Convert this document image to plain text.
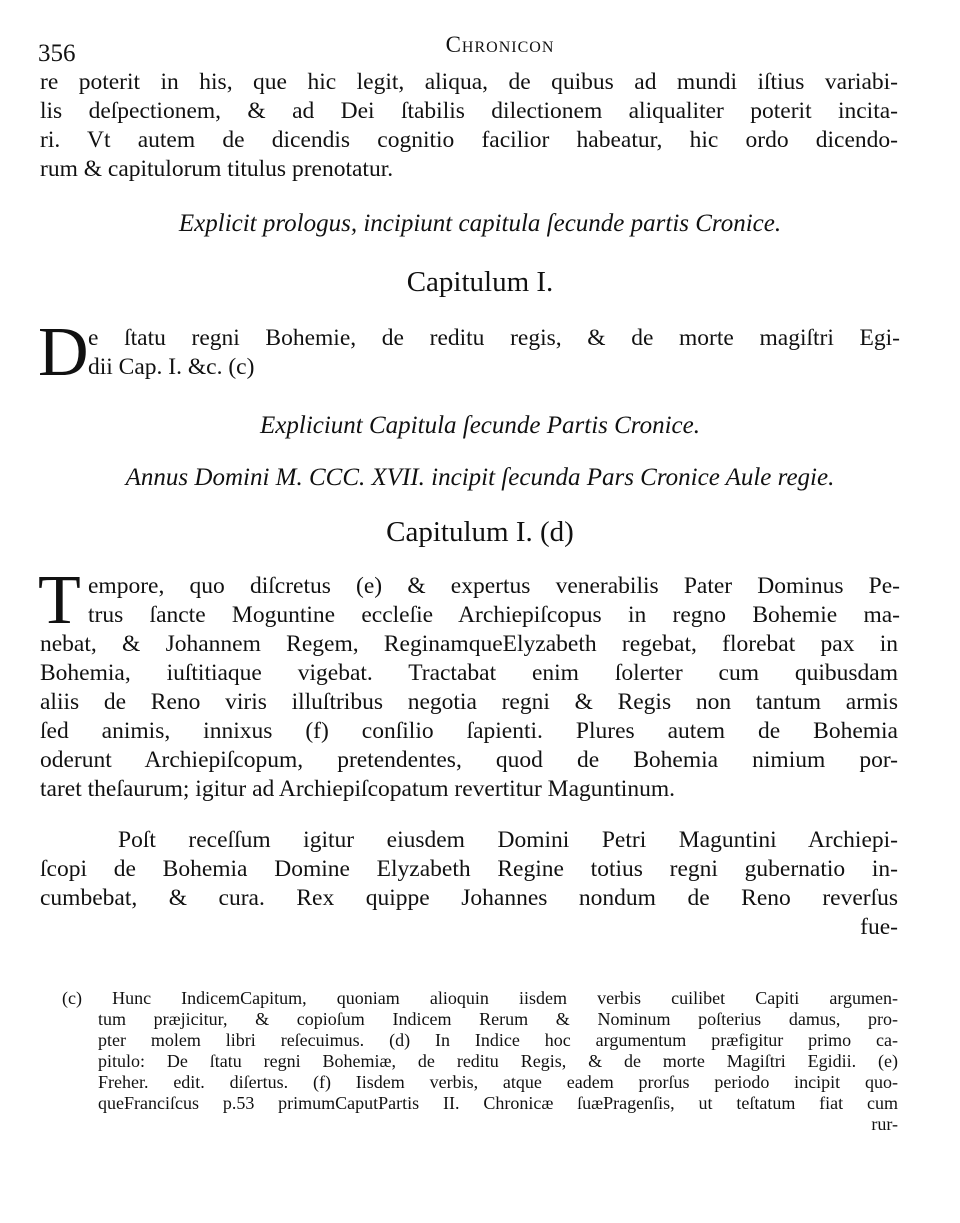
356	Chronicon
re poterit in his, que hic legit, aliqua, de quibus ad mundi iſtius variabi-
lis deſpectionem, & ad Dei ſtabilis dilectionem aliqualiter poterit incita-
ri. Vt autem de dicendis cognitio facilior habeatur, hic ordo dicendo-
rum & capitulorum titulus prenotatur.
Explicit prologus, incipiunt capitula ſecunde partis Cronice.
Capitulum I.
D e ſtatu regni Bohemie, de reditu regis, & de morte magiſtri Egi-
dii Cap. I. &c. (c)
Expliciunt Capitula ſecunde Partis Cronice.
Annus Domini M. CCC. XVII. incipit ſecunda Pars Cronice Aule regie.
Capitulum I. (d)
T empore, quo diſcretus (e) & expertus venerabilis Pater Dominus Pe-
trus ſancte Moguntine eccleſie Archiepiſcopus in regno Bohemie ma-
nebat, & Johannem Regem, ReginamqueElyzabeth regebat, florebat pax in
Bohemia, iuſtitiaque vigebat. Tractabat enim ſolerter cum quibusdam
aliis de Reno viris illuſtribus negotia regni & Regis non tantum armis
ſed animis, innixus (f) conſilio ſapienti. Plures autem de Bohemia
oderunt Archiepiſcopum, pretendentes, quod de Bohemia nimium por-
taret theſaurum; igitur ad Archiepiſcopatum revertitur Maguntinum.
Poſt receſſum igitur eiusdem Domini Petri Maguntini Archiepi-
ſcopi de Bohemia Domine Elyzabeth Regine totius regni gubernatio in-
cumbebat, & cura. Rex quippe Johannes nondum de Reno reverſus
fue-
(c) Hunc IndicemCapitum, quoniam alioquin iisdem verbis cuilibet Capiti argumen-
tum præjicitur, & copioſum Indicem Rerum & Nominum poſterius damus, pro-
pter molem libri reſecuimus. (d) In Indice hoc argumentum præfigitur primo ca-
pitulo: De ſtatu regni Bohemiæ, de reditu Regis, & de morte Magiſtri Egidii. (e)
Freher. edit. diſertus. (f) Iisdem verbis, atque eadem prorſus periodo incipit quo-
queFranciſcus p.53 primumCaputPartis II. Chronicæ ſuæPragenſis, ut teſtatum fiat cum
rur-
